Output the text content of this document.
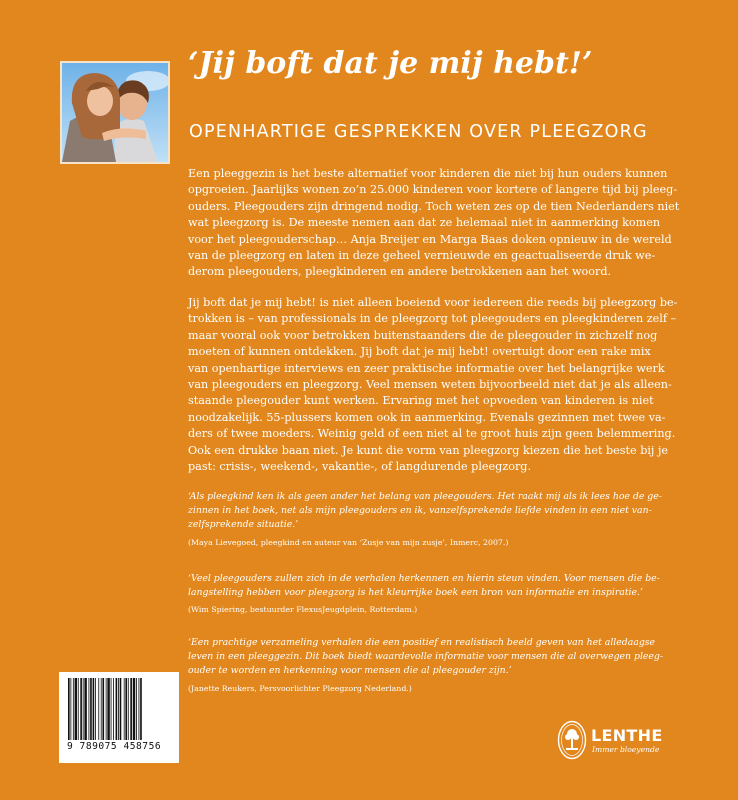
‘Jij boft dat je mij hebt!’
OPENHARTIGE GESPREKKEN OVER PLEEGZORG
Een pleeggezin is het beste alternatief voor kinderen die niet bij hun ouders kunnen
opgroeien. Jaarlijks wonen zo’n 25.000 kinderen voor kortere of langere tijd bij pleeg-
ouders. Pleegouders zijn dringend nodig. Toch weten zes op de tien Nederlanders niet
wat pleegzorg is. De meeste nemen aan dat ze helemaal niet in aanmerking komen
voor het pleegouderschap… Anja Breijer en Marga Baas doken opnieuw in de wereld
van de pleegzorg en laten in deze geheel vernieuwde en geactualiseerde druk we-
derom pleegouders, pleegkinderen en andere betrokkenen aan het woord.
Jij boft dat je mij hebt! is niet alleen boeiend voor iedereen die reeds bij pleegzorg be-
trokken is – van professionals in de pleegzorg tot pleegouders en pleegkinderen zelf –
maar vooral ook voor betrokken buitenstaanders die de pleegouder in zichzelf nog
moeten of kunnen ontdekken. Jij boft dat je mij hebt! overtuigt door een rake mix
van openhartige interviews en zeer praktische informatie over het belangrijke werk
van pleegouders en pleegzorg. Veel mensen weten bijvoorbeeld niet dat je als alleen-
staande pleegouder kunt werken. Ervaring met het opvoeden van kinderen is niet
noodzakelijk. 55-plussers komen ook in aanmerking. Evenals gezinnen met twee va-
ders of twee moeders. Weinig geld of een niet al te groot huis zijn geen belemmering.
Ook een drukke baan niet. Je kunt die vorm van pleegzorg kiezen die het beste bij je
past: crisis-, weekend-, vakantie-, of langdurende pleegzorg.
‘Als pleegkind ken ik als geen ander het belang van pleegouders. Het raakt mij als ik lees hoe de ge-
zinnen in het boek, net als mijn pleegouders en ik, vanzelfsprekende liefde vinden in een niet van-
zelfsprekende situatie.’
(Maya Lievegoed, pleegkind en auteur van ‘Zusje van mijn zusje’, Inmerc, 2007.)
‘Veel pleegouders zullen zich in de verhalen herkennen en hierin steun vinden. Voor mensen die be-
langstelling hebben voor pleegzorg is het kleurrijke boek een bron van informatie en inspiratie.’
(Wim Spiering, bestuurder FlexusJeugdplein, Rotterdam.)
‘Een prachtige verzameling verhalen die een positief en realistisch beeld geven van het alledaagse
leven in een pleeggezin. Dit boek biedt waardevolle informatie voor mensen die al overwegen pleeg-
ouder te worden en herkenning voor mensen die al pleegouder zijn.’
(Janette Reukers, Persvoorlichter Pleegzorg Nederland.)
9 789075 458756
LENTHE
Immer bloeyende
